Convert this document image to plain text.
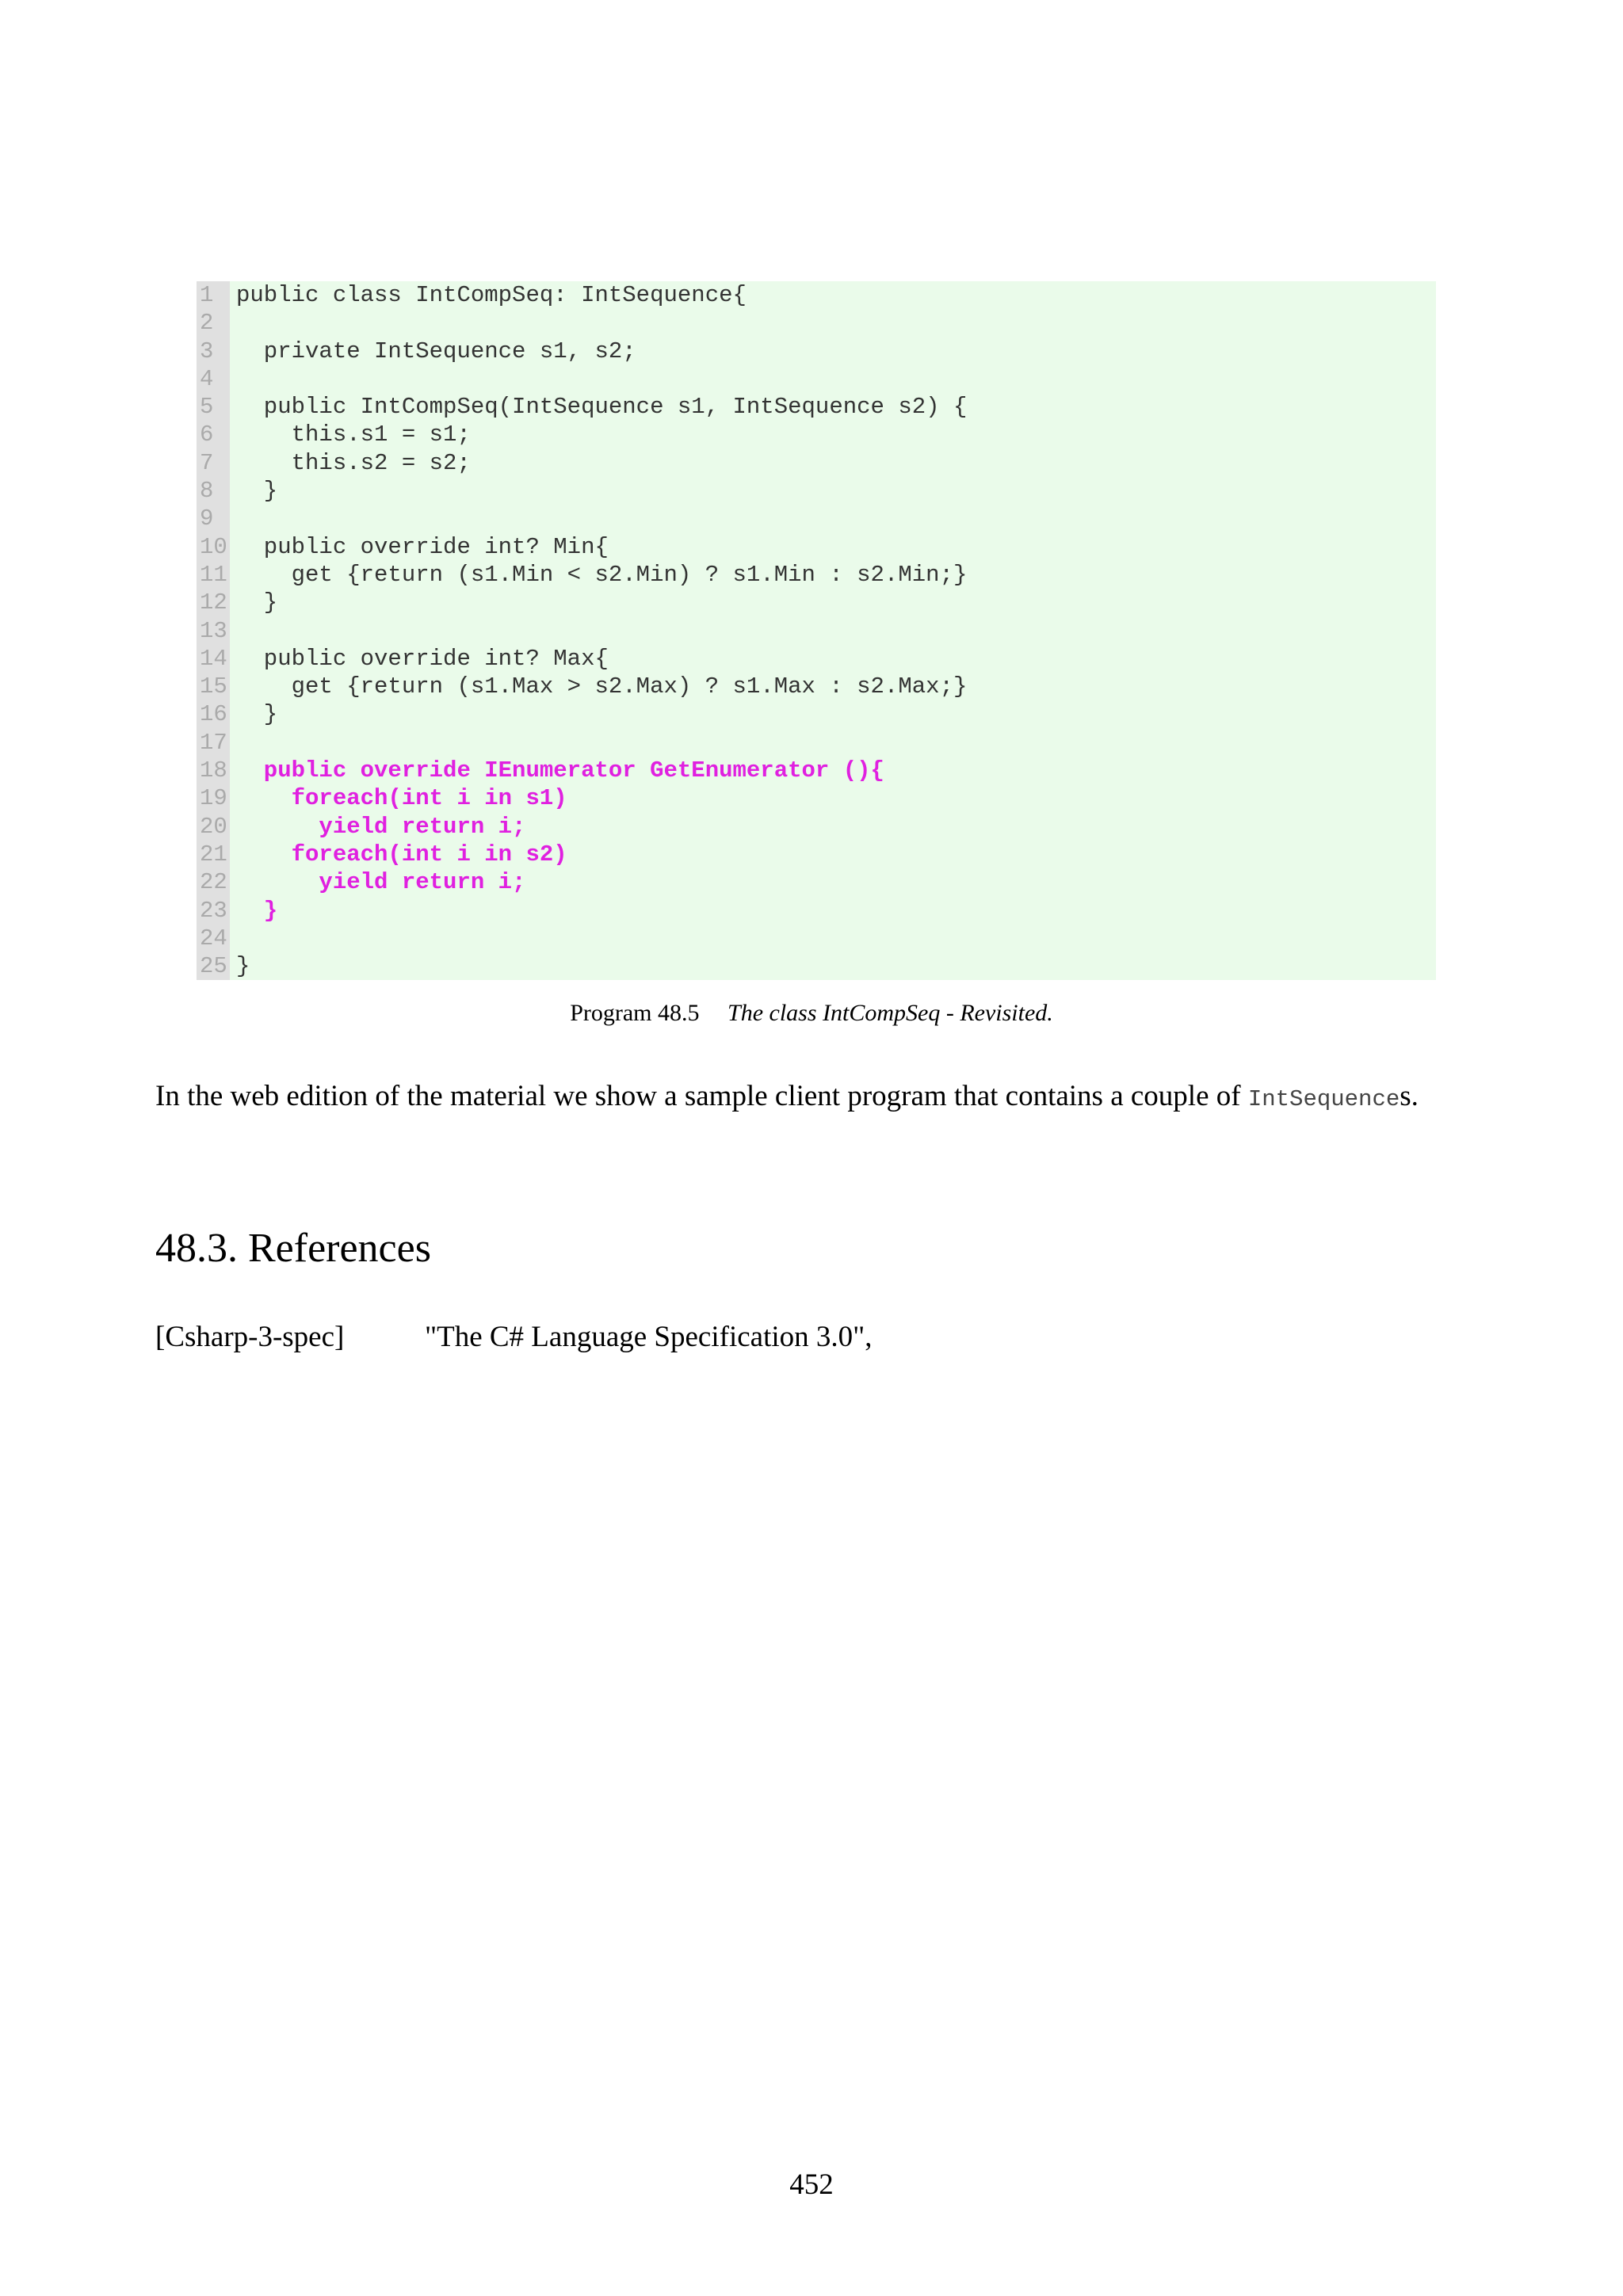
1
2
3
4
5
6
7
8
9
10
11
12
13
14
15
16
17
18
19
20
21
22
23
24
25
public class IntCompSeq: IntSequence{
private IntSequence s1, s2;
public IntCompSeq(IntSequence s1, IntSequence s2) {
this.s1 = s1;
this.s2 = s2;
}
public override int? Min{
get {return (s1.Min < s2.Min) ? s1.Min : s2.Min;}
}
public override int? Max{
get {return (s1.Max > s2.Max) ? s1.Max : s2.Max;}
}
public override IEnumerator GetEnumerator (){
foreach(int i in s1)
yield return i;
foreach(int i in s2)
yield return i;
}
}
Program 48.5 The class IntCompSeq - Revisited.
In the web edition of the material we show a sample client program that contains a couple of IntSequences.
48.3. References
[Csharp-3-spec]	"The C# Language Specification 3.0",
452
